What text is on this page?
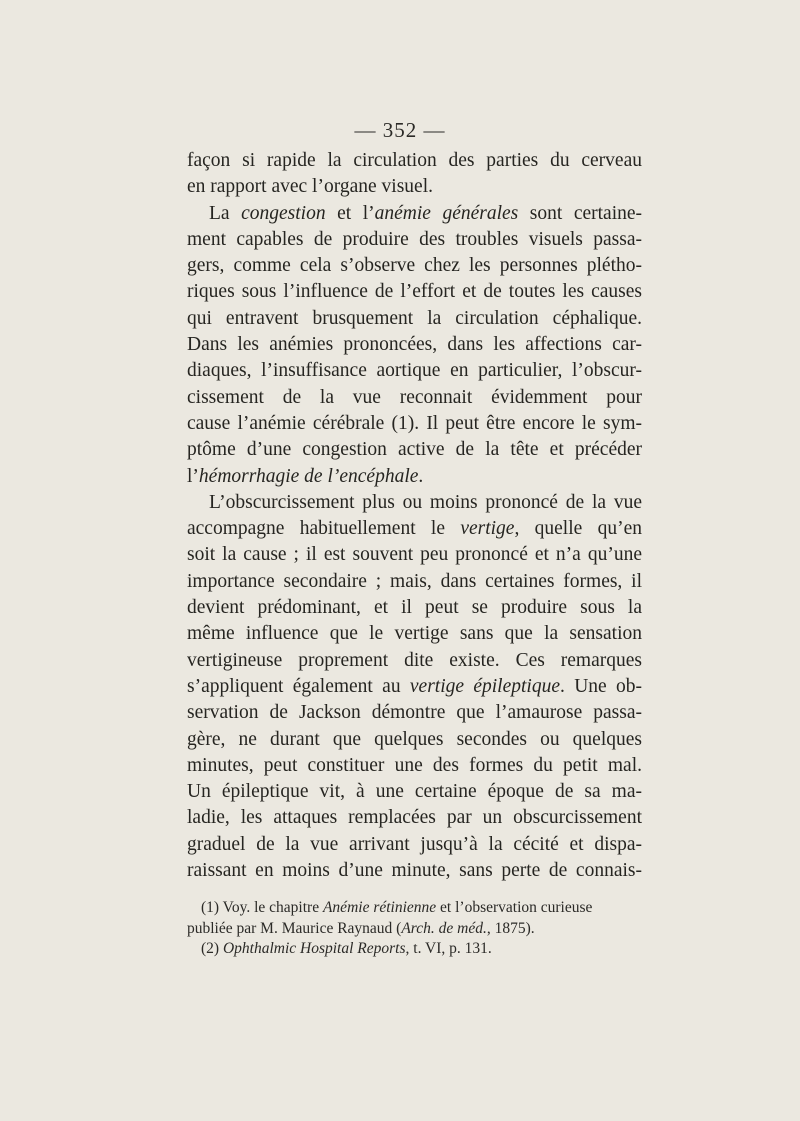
— 352 —
façon si rapide la circulation des parties du cerveau
en rapport avec l’organe visuel.
La congestion et l’anémie générales sont certaine-
ment capables de produire des troubles visuels passa-
gers, comme cela s’observe chez les personnes plétho-
riques sous l’influence de l’effort et de toutes les causes
qui entravent brusquement la circulation céphalique.
Dans les anémies prononcées, dans les affections car-
diaques, l’insuffisance aortique en particulier, l’obscur-
cissement de la vue reconnait évidemment pour
cause l’anémie cérébrale (1). Il peut être encore le sym-
ptôme d’une congestion active de la tête et précéder
l’hémorrhagie de l’encéphale.
L’obscurcissement plus ou moins prononcé de la vue
accompagne habituellement le vertige, quelle qu’en
soit la cause ; il est souvent peu prononcé et n’a qu’une
importance secondaire ; mais, dans certaines formes, il
devient prédominant, et il peut se produire sous la
même influence que le vertige sans que la sensation
vertigineuse proprement dite existe. Ces remarques
s’appliquent également au vertige épileptique. Une ob-
servation de Jackson démontre que l’amaurose passa-
gère, ne durant que quelques secondes ou quelques
minutes, peut constituer une des formes du petit mal.
Un épileptique vit, à une certaine époque de sa ma-
ladie, les attaques remplacées par un obscurcissement
graduel de la vue arrivant jusqu’à la cécité et dispa-
raissant en moins d’une minute, sans perte de connais-
(1) Voy. le chapitre Anémie rétinienne et l’observation curieuse
publiée par M. Maurice Raynaud (Arch. de méd., 1875).
(2) Ophthalmic Hospital Reports, t. VI, p. 131.
